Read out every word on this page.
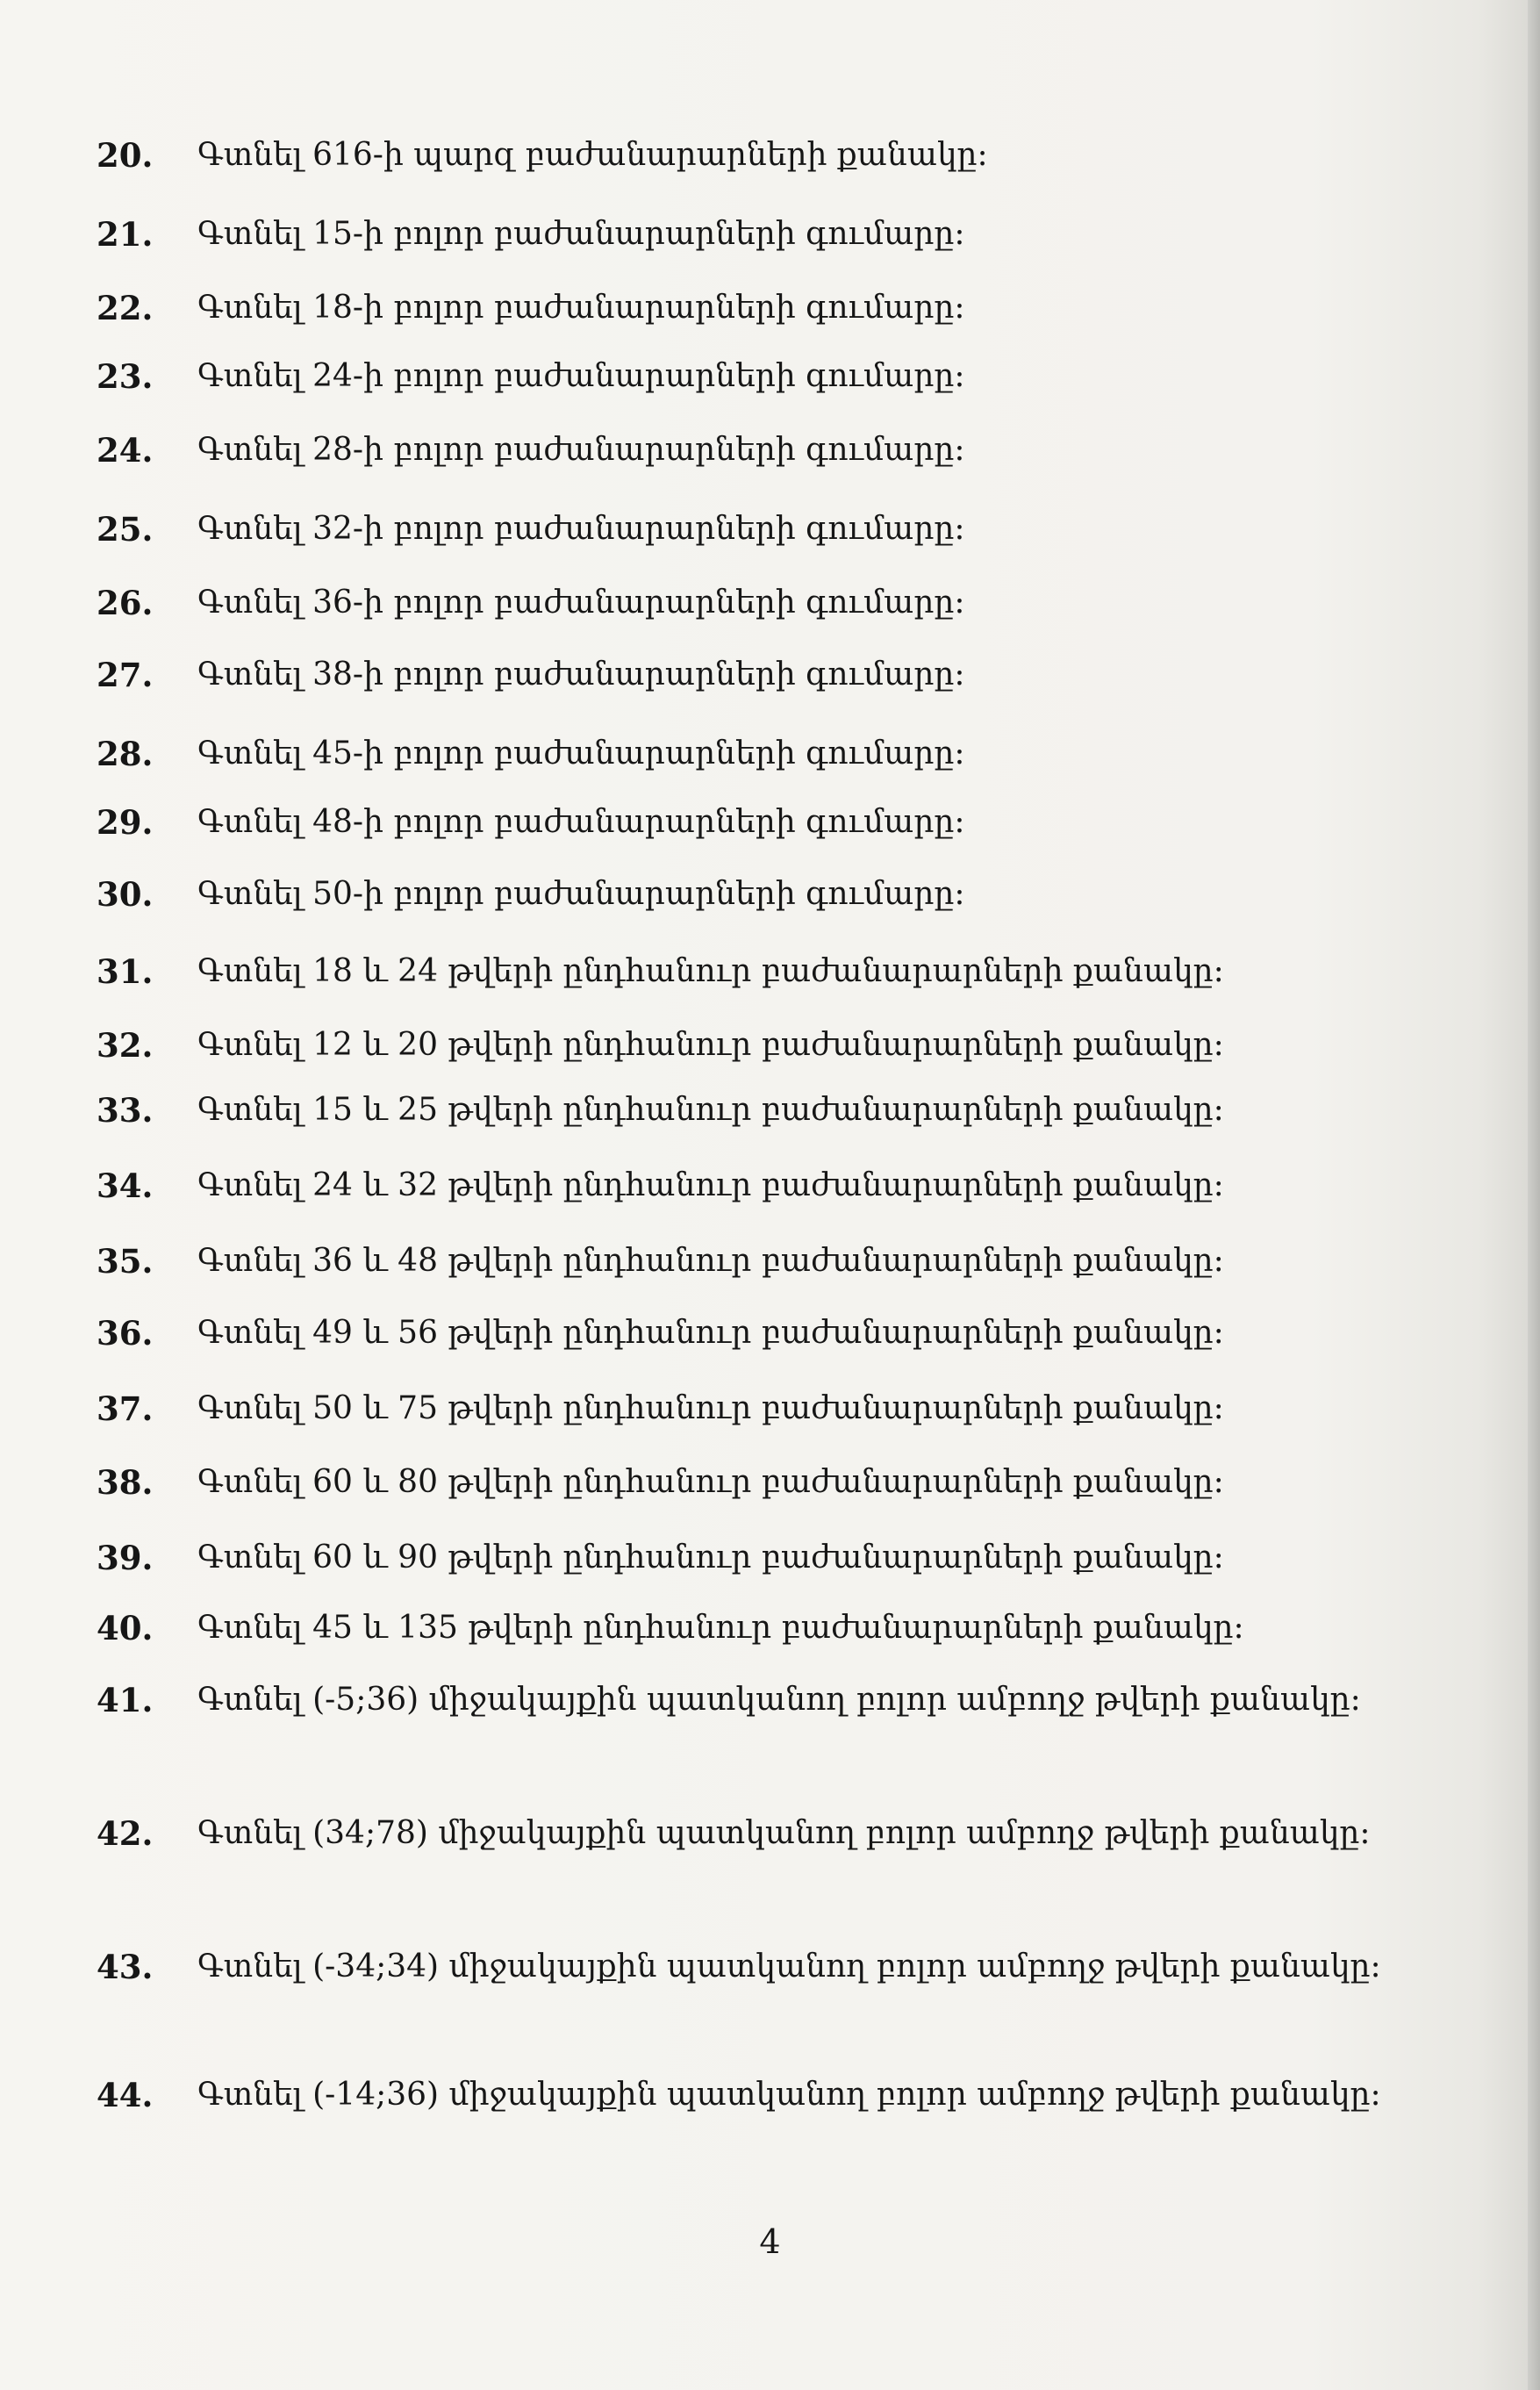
20. Գտնել 616-ի պարզ բաժանարարների քանակը:
21. Գտնել 15-ի բոլոր բաժանարարների գումարը:
22. Գտնել 18-ի բոլոր բաժանարարների գումարը:
23. Գտնել 24-ի բոլոր բաժանարարների գումարը:
24. Գտնել 28-ի բոլոր բաժանարարների գումարը:
25. Գտնել 32-ի բոլոր բաժանարարների գումարը:
26. Գտնել 36-ի բոլոր բաժանարարների գումարը:
27. Գտնել 38-ի բոլոր բաժանարարների գումարը:
28. Գտնել 45-ի բոլոր բաժանարարների գումարը:
29. Գտնել 48-ի բոլոր բաժանարարների գումարը:
30. Գտնել 50-ի բոլոր բաժանարարների գումարը:
31. Գտնել 18 և 24 թվերի ընդհանուր բաժանարարների քանակը:
32. Գտնել 12 և 20 թվերի ընդհանուր բաժանարարների քանակը:
33. Գտնել 15 և 25 թվերի ընդհանուր բաժանարարների քանակը:
34. Գտնել 24 և 32 թվերի ընդհանուր բաժանարարների քանակը:
35. Գտնել 36 և 48 թվերի ընդհանուր բաժանարարների քանակը:
36. Գտնել 49 և 56 թվերի ընդհանուր բաժանարարների քանակը:
37. Գտնել 50 և 75 թվերի ընդհանուր բաժանարարների քանակը:
38. Գտնել 60 և 80 թվերի ընդհանուր բաժանարարների քանակը:
39. Գտնել 60 և 90 թվերի ընդհանուր բաժանարարների քանակը:
40. Գտնել 45 և 135 թվերի ընդհանուր բաժանարարների քանակը:
41. Գտնել (-5;36) միջակայքին պատկանող բոլոր ամբողջ թվերի քանակը:
42. Գտնել (34;78) միջակայքին պատկանող բոլոր ամբողջ թվերի քանակը:
43. Գտնել (-34;34) միջակայքին պատկանող բոլոր ամբողջ թվերի քանակը:
44. Գտնել (-14;36) միջակայքին պատկանող բոլոր ամբողջ թվերի քանակը:
4
